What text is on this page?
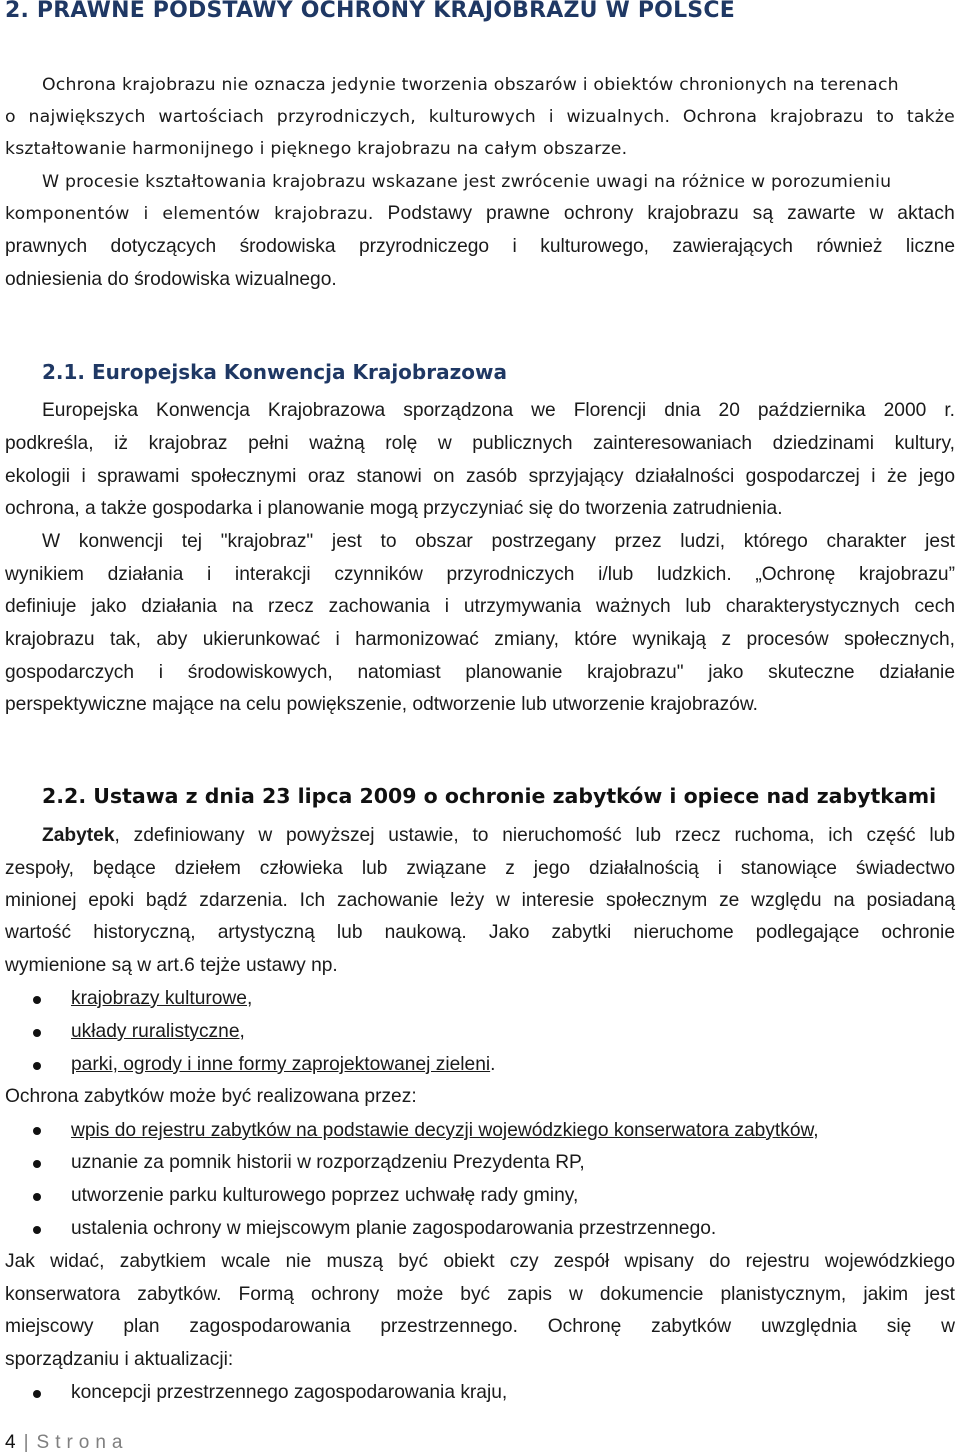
2. PRAWNE PODSTAWY OCHRONY KRAJOBRAZU W POLSCE
Ochrona krajobrazu nie oznacza jedynie tworzenia obszarów i obiektów chronionych na terenach
o największych wartościach przyrodniczych, kulturowych i wizualnych. Ochrona krajobrazu to także
kształtowanie harmonijnego i pięknego krajobrazu na całym obszarze.
W procesie kształtowania krajobrazu wskazane jest zwrócenie uwagi na różnice w porozumieniu
komponentów i elementów krajobrazu. Podstawy prawne ochrony krajobrazu są zawarte w aktach
prawnych dotyczących środowiska przyrodniczego i kulturowego, zawierających również liczne
odniesienia do środowiska wizualnego.
2.1. Europejska Konwencja Krajobrazowa
Europejska Konwencja Krajobrazowa sporządzona we Florencji dnia 20 października 2000 r.
podkreśla, iż krajobraz pełni ważną rolę w publicznych zainteresowaniach dziedzinami kultury,
ekologii i sprawami społecznymi oraz stanowi on zasób sprzyjający działalności gospodarczej i że jego
ochrona, a także gospodarka i planowanie mogą przyczyniać się do tworzenia zatrudnienia.
W konwencji tej "krajobraz" jest to obszar postrzegany przez ludzi, którego charakter jest
wynikiem działania i interakcji czynników przyrodniczych i/lub ludzkich. „Ochronę krajobrazu”
definiuje jako działania na rzecz zachowania i utrzymywania ważnych lub charakterystycznych cech
krajobrazu tak, aby ukierunkować i harmonizować zmiany, które wynikają z procesów społecznych,
gospodarczych i środowiskowych, natomiast planowanie krajobrazu" jako skuteczne działanie
perspektywiczne mające na celu powiększenie, odtworzenie lub utworzenie krajobrazów.
2.2. Ustawa z dnia 23 lipca 2009 o ochronie zabytków i opiece nad zabytkami
Zabytek, zdefiniowany w powyższej ustawie, to nieruchomość lub rzecz ruchoma, ich część lub
zespoły, będące dziełem człowieka lub związane z jego działalnością i stanowiące świadectwo
minionej epoki bądź zdarzenia. Ich zachowanie leży w interesie społecznym ze względu na posiadaną
wartość historyczną, artystyczną lub naukową. Jako zabytki nieruchome podlegające ochronie
wymienione są w art.6 tejże ustawy np.
krajobrazy kulturowe,
układy ruralistyczne,
parki, ogrody i inne formy zaprojektowanej zieleni.
Ochrona zabytków może być realizowana przez:
wpis do rejestru zabytków na podstawie decyzji wojewódzkiego konserwatora zabytków,
uznanie za pomnik historii w rozporządzeniu Prezydenta RP,
utworzenie parku kulturowego poprzez uchwałę rady gminy,
ustalenia ochrony w miejscowym planie zagospodarowania przestrzennego.
Jak widać, zabytkiem wcale nie muszą być obiekt czy zespół wpisany do rejestru wojewódzkiego
konserwatora zabytków. Formą ochrony może być zapis w dokumencie planistycznym, jakim jest
miejscowy plan zagospodarowania przestrzennego. Ochronę zabytków uwzględnia się w
sporządzaniu i aktualizacji:
koncepcji przestrzennego zagospodarowania kraju,
4 | Strona
